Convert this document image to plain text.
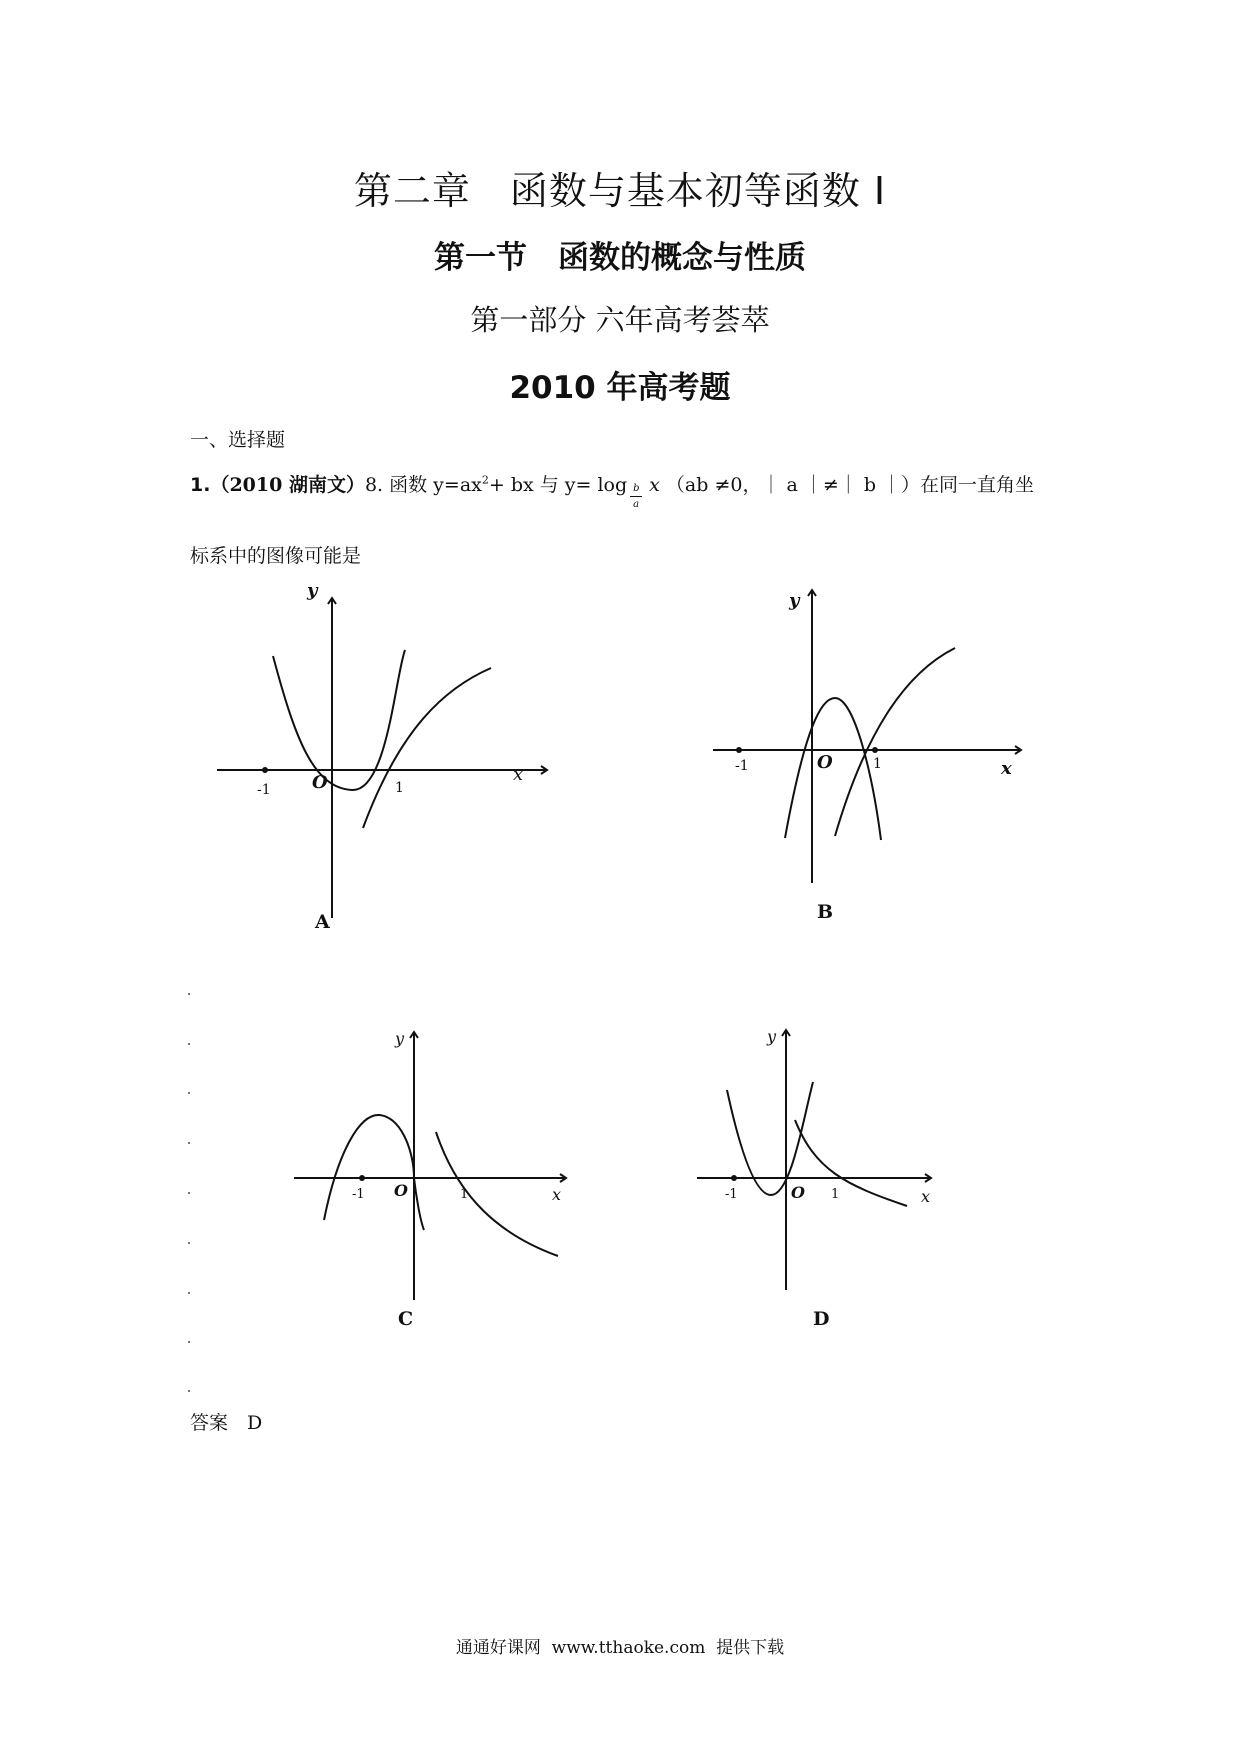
第二章　函数与基本初等函数 I
第一节　函数的概念与性质
第一部分 六年高考荟萃
2010 年高考题
一、选择题
1.（2010 湖南文）8. 函数 $y=ax^2+$ bx 与 $y= \log \frac{b}{a}$ x （ab ≠0，｜ a ｜≠｜ b ｜）在同一直角坐
标系中的图像可能是
x
y
O
-1	1
A
x
y
O
-1	1
B
x
y
O
-1	1
C
x
y
O
-1	1
D
答案　D
通通好课网  www.tthaoke.com  提供下载
